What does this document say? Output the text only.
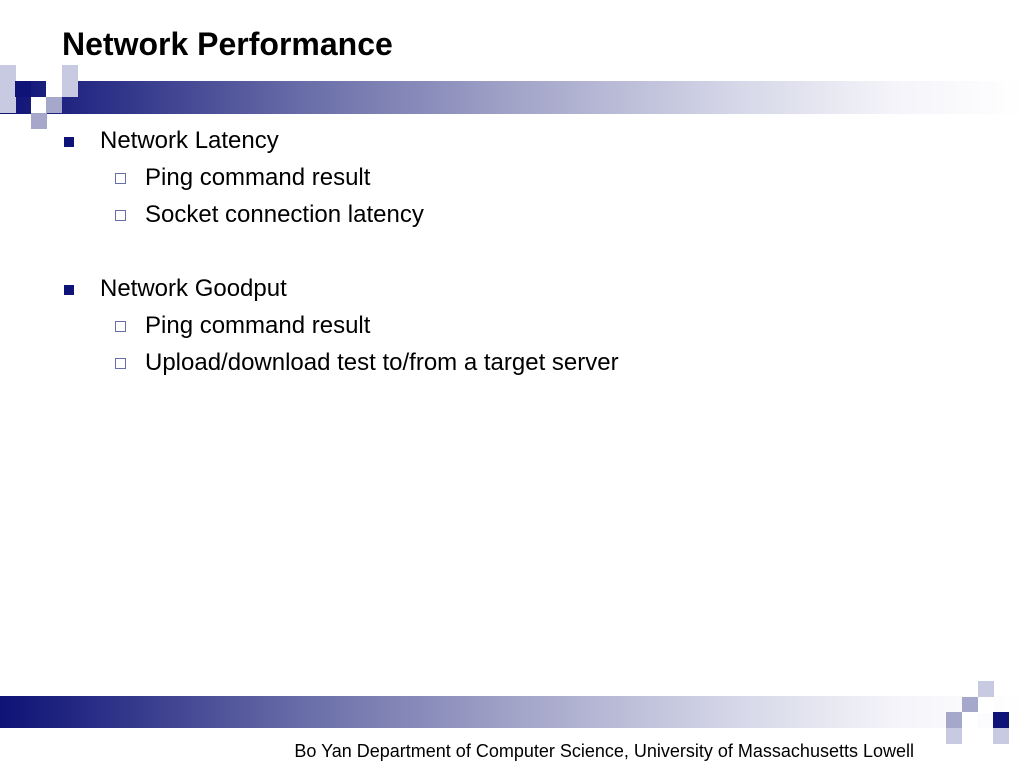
Network Performance
Network Latency
Ping command result
Socket connection latency
Network Goodput
Ping command result
Upload/download test to/from a target server
Bo Yan Department of Computer Science, University of Massachusetts Lowell
